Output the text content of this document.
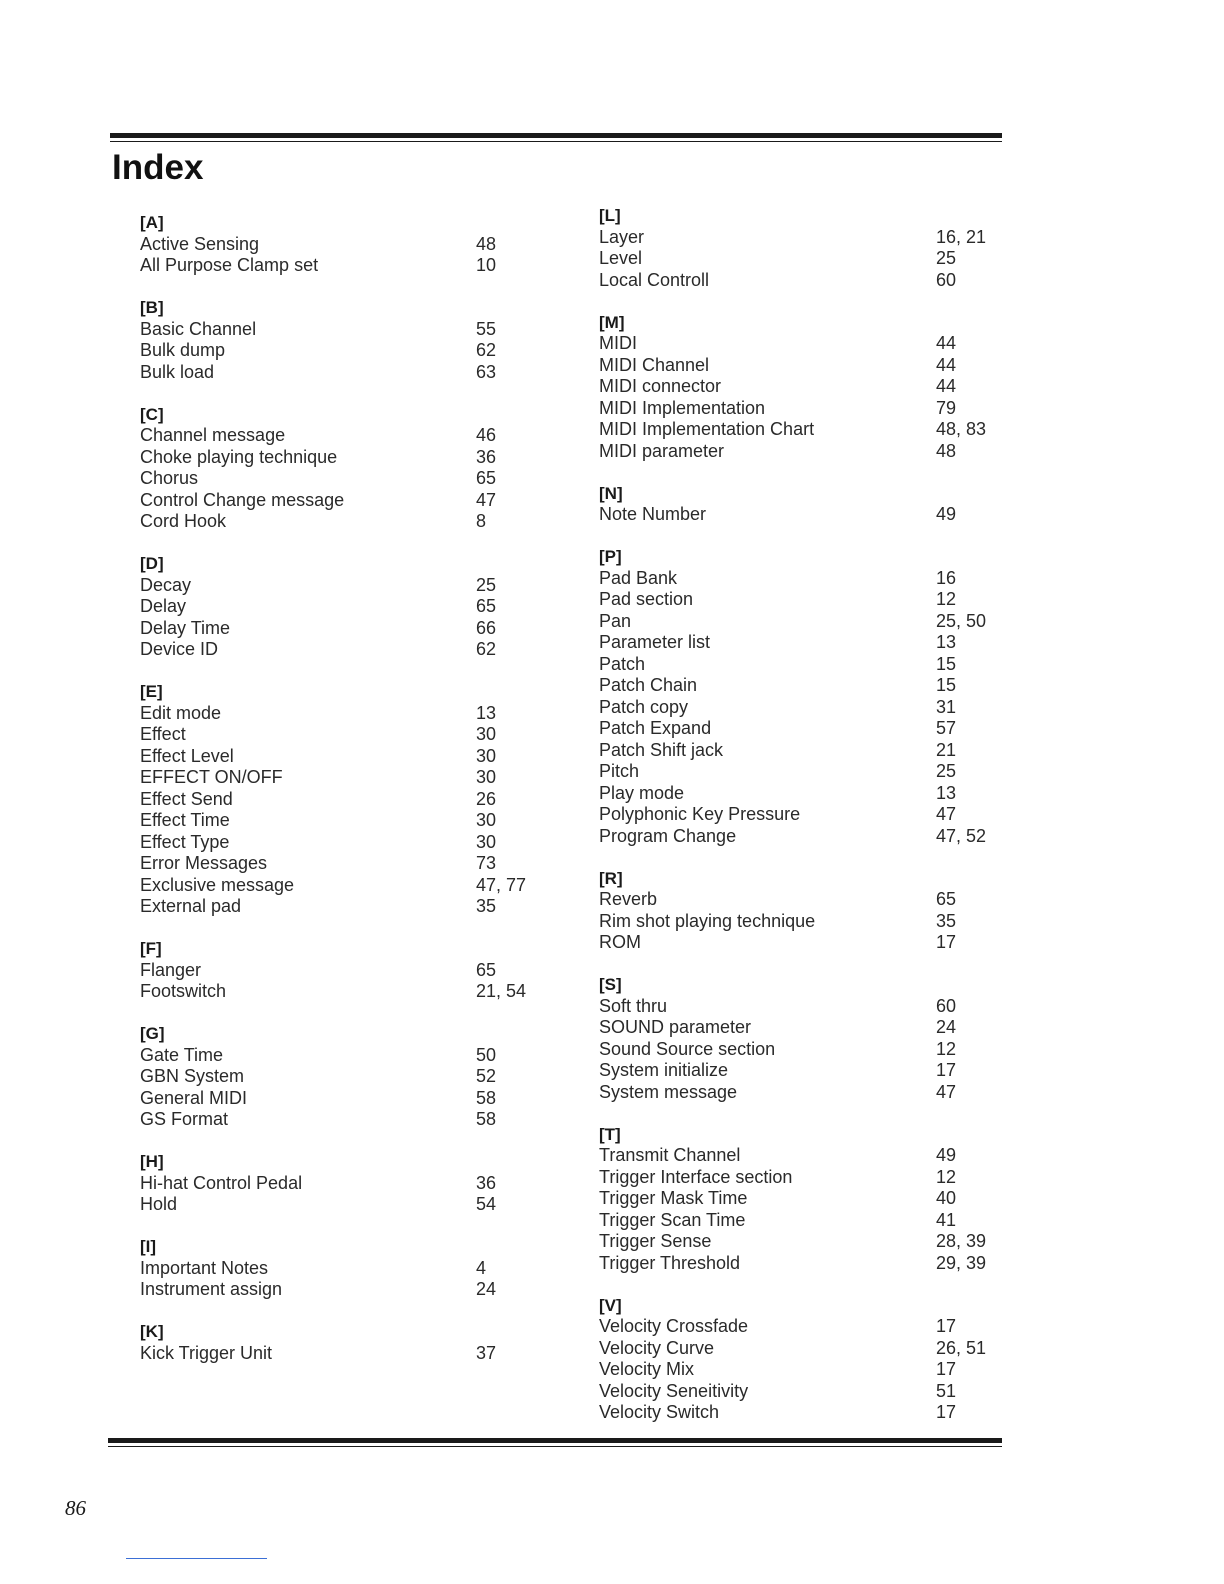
Index
[A]
Active Sensing	48
All Purpose Clamp set	10
[B]
Basic Channel	55
Bulk dump	62
Bulk load	63
[C]
Channel message	46
Choke playing technique	36
Chorus	65
Control Change message	47
Cord Hook	8
[D]
Decay	25
Delay	65
Delay Time	66
Device ID	62
[E]
Edit mode	13
Effect	30
Effect Level	30
EFFECT ON/OFF	30
Effect Send	26
Effect Time	30
Effect Type	30
Error Messages	73
Exclusive message	47, 77
External pad	35
[F]
Flanger	65
Footswitch	21, 54
[G]
Gate Time	50
GBN System	52
General MIDI	58
GS Format	58
[H]
Hi-hat Control Pedal	36
Hold	54
[I]
Important Notes	4
Instrument assign	24
[K]
Kick Trigger Unit	37
[L]
Layer	16, 21
Level	25
Local Controll	60
[M]
MIDI	44
MIDI Channel	44
MIDI connector	44
MIDI Implementation	79
MIDI Implementation Chart	48, 83
MIDI parameter	48
[N]
Note Number	49
[P]
Pad Bank	16
Pad section	12
Pan	25, 50
Parameter list	13
Patch	15
Patch Chain	15
Patch copy	31
Patch Expand	57
Patch Shift jack	21
Pitch	25
Play mode	13
Polyphonic Key Pressure	47
Program Change	47, 52
[R]
Reverb	65
Rim shot playing technique	35
ROM	17
[S]
Soft thru	60
SOUND parameter	24
Sound Source section	12
System initialize	17
System message	47
[T]
Transmit Channel	49
Trigger Interface section	12
Trigger Mask Time	40
Trigger Scan Time	41
Trigger Sense	28, 39
Trigger Threshold	29, 39
[V]
Velocity Crossfade	17
Velocity Curve	26, 51
Velocity Mix	17
Velocity Seneitivity	51
Velocity Switch	17
86
